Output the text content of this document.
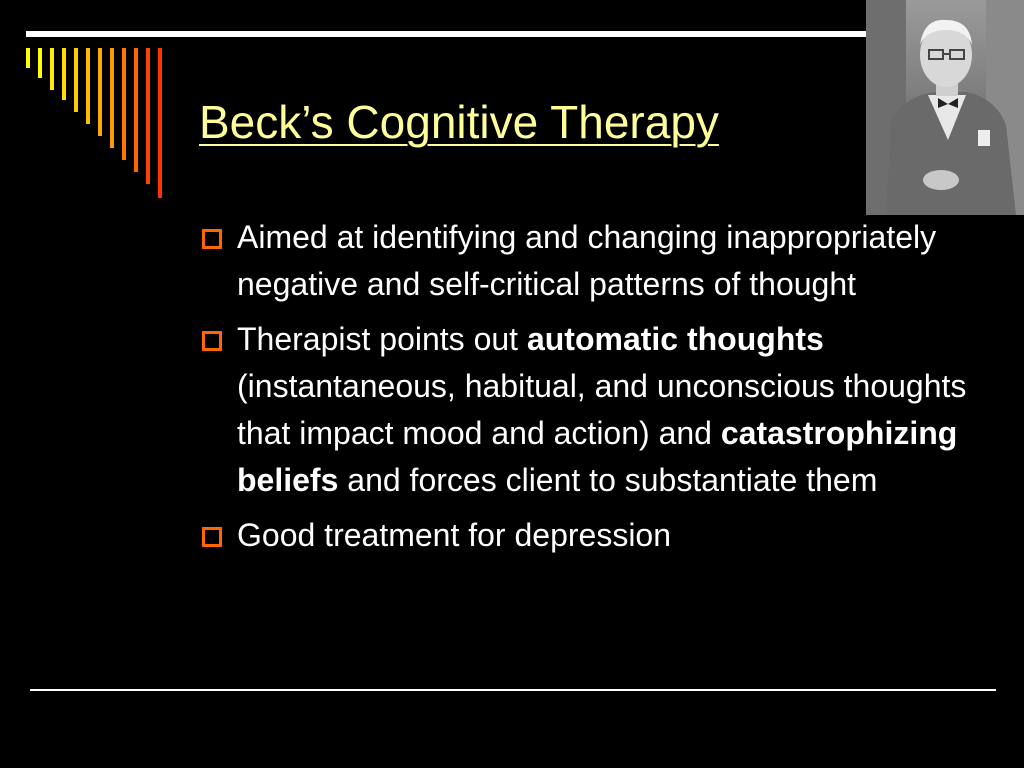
Beck’s Cognitive Therapy
Aimed at identifying and changing inappropriately negative and self-critical patterns of thought
Therapist points out automatic thoughts (instantaneous, habitual, and unconscious thoughts that impact mood and action) and catastrophizing beliefs and forces client to substantiate them
Good treatment for depression
